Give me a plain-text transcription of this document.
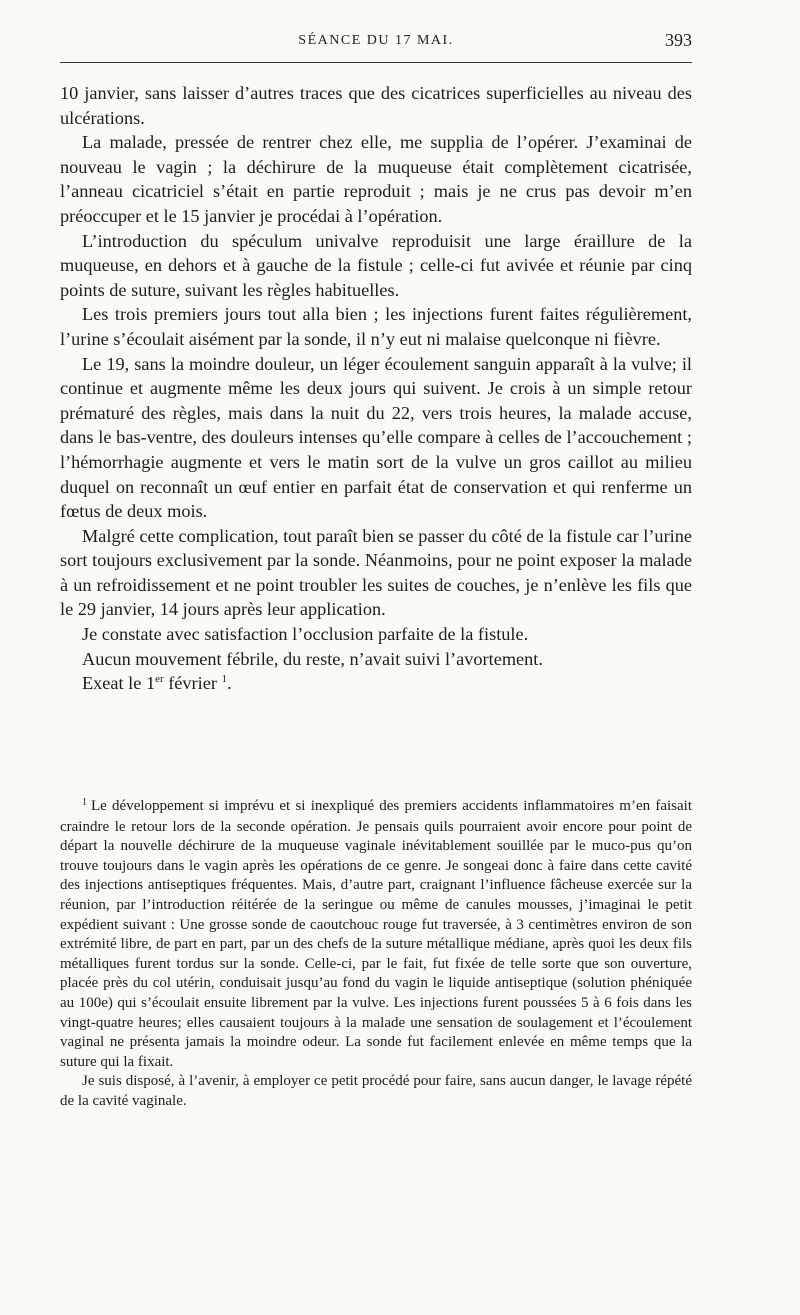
SÉANCE DU 17 MAI.	393

10 janvier, sans laisser d’autres traces que des cicatrices superficielles au niveau des ulcérations.

La malade, pressée de rentrer chez elle, me supplia de l’opérer. J’examinai de nouveau le vagin ; la déchirure de la muqueuse était complètement cicatrisée, l’anneau cicatriciel s’était en partie reproduit ; mais je ne crus pas devoir m’en préoccuper et le 15 janvier je procédai à l’opération.

L’introduction du spéculum univalve reproduisit une large éraillure de la muqueuse, en dehors et à gauche de la fistule ; celle-ci fut avivée et réunie par cinq points de suture, suivant les règles habituelles.

Les trois premiers jours tout alla bien ; les injections furent faites régulièrement, l’urine s’écoulait aisément par la sonde, il n’y eut ni malaise quelconque ni fièvre.

Le 19, sans la moindre douleur, un léger écoulement sanguin apparaît à la vulve; il continue et augmente même les deux jours qui suivent. Je crois à un simple retour prématuré des règles, mais dans la nuit du 22, vers trois heures, la malade accuse, dans le bas-ventre, des douleurs intenses qu’elle compare à celles de l’accouchement ; l’hémorrhagie augmente et vers le matin sort de la vulve un gros caillot au milieu duquel on reconnaît un œuf entier en parfait état de conservation et qui renferme un fœtus de deux mois.

Malgré cette complication, tout paraît bien se passer du côté de la fistule car l’urine sort toujours exclusivement par la sonde. Néanmoins, pour ne point exposer la malade à un refroidissement et ne point troubler les suites de couches, je n’enlève les fils que le 29 janvier, 14 jours après leur application.

Je constate avec satisfaction l’occlusion parfaite de la fistule.

Aucun mouvement fébrile, du reste, n’avait suivi l’avortement.

Exeat le 1er février $^1$.

$^1$ Le développement si imprévu et si inexpliqué des premiers accidents inflammatoires m’en faisait craindre le retour lors de la seconde opération. Je pensais quils pourraient avoir encore pour point de départ la nouvelle déchirure de la muqueuse vaginale inévitablement souillée par le muco-pus qu’on trouve toujours dans le vagin après les opérations de ce genre. Je songeai donc à faire dans cette cavité des injections antiseptiques fréquentes. Mais, d’autre part, craignant l’influence fâcheuse exercée sur la réunion, par l’introduction réitérée de la seringue ou même de canules mousses, j’imaginai le petit expédient suivant : Une grosse sonde de caoutchouc rouge fut traversée, à 3 centimètres environ de son extrémité libre, de part en part, par un des chefs de la suture métallique médiane, après quoi les deux fils métalliques furent tordus sur la sonde. Celle-ci, par le fait, fut fixée de telle sorte que son ouverture, placée près du col utérin, conduisait jusqu’au fond du vagin le liquide antiseptique (solution phéniquée au 100e) qui s’écoulait ensuite librement par la vulve. Les injections furent poussées 5 à 6 fois dans les vingt-quatre heures; elles causaient toujours à la malade une sensation de soulagement et l’écoulement vaginal ne présenta jamais la moindre odeur. La sonde fut facilement enlevée en même temps que la suture qui la fixait.

Je suis disposé, à l’avenir, à employer ce petit procédé pour faire, sans aucun danger, le lavage répété de la cavité vaginale.
